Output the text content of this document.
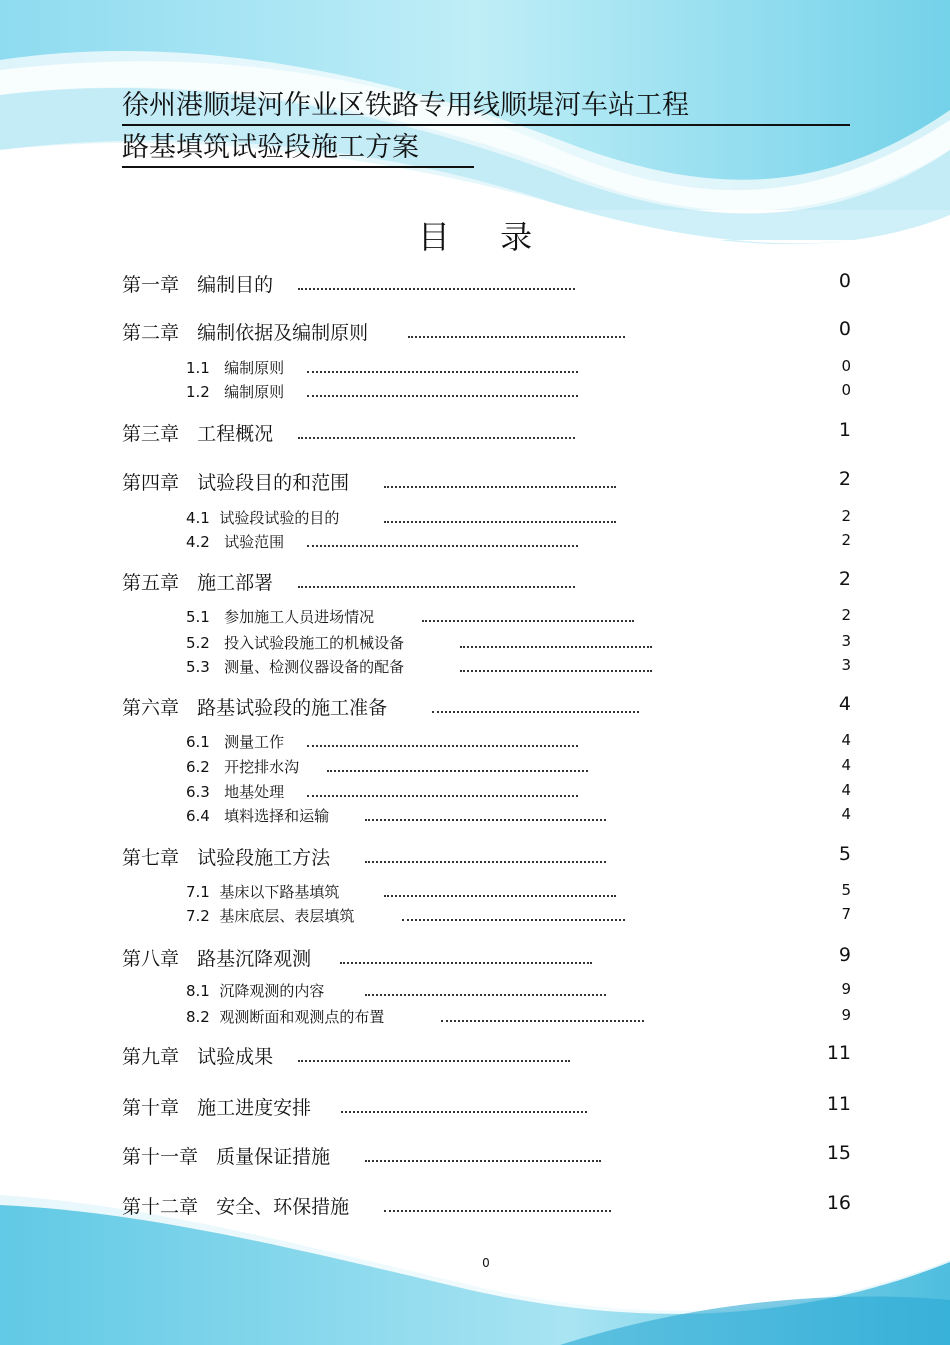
徐州港顺堤河作业区铁路专用线顺堤河车站工程
路基填筑试验段施工方案
目 录
第一章   编制目的	0
第二章   编制依据及编制原则	0
1.1   编制原则	0
1.2   编制原则	0
第三章   工程概况	1
第四章   试验段目的和范围	2
4.1  试验段试验的目的	2
4.2   试验范围	2
第五章   施工部署	2
5.1   参加施工人员进场情况	2
5.2   投入试验段施工的机械设备	3
5.3   测量、检测仪器设备的配备	3
第六章   路基试验段的施工准备	4
6.1   测量工作	4
6.2   开挖排水沟	4
6.3   地基处理	4
6.4   填料选择和运输	4
第七章   试验段施工方法	5
7.1  基床以下路基填筑	5
7.2  基床底层、表层填筑	7
第八章   路基沉降观测	9
8.1  沉降观测的内容	9
8.2  观测断面和观测点的布置	9
第九章   试验成果	11
第十章   施工进度安排	11
第十一章   质量保证措施	15
第十二章   安全、环保措施	16
0
